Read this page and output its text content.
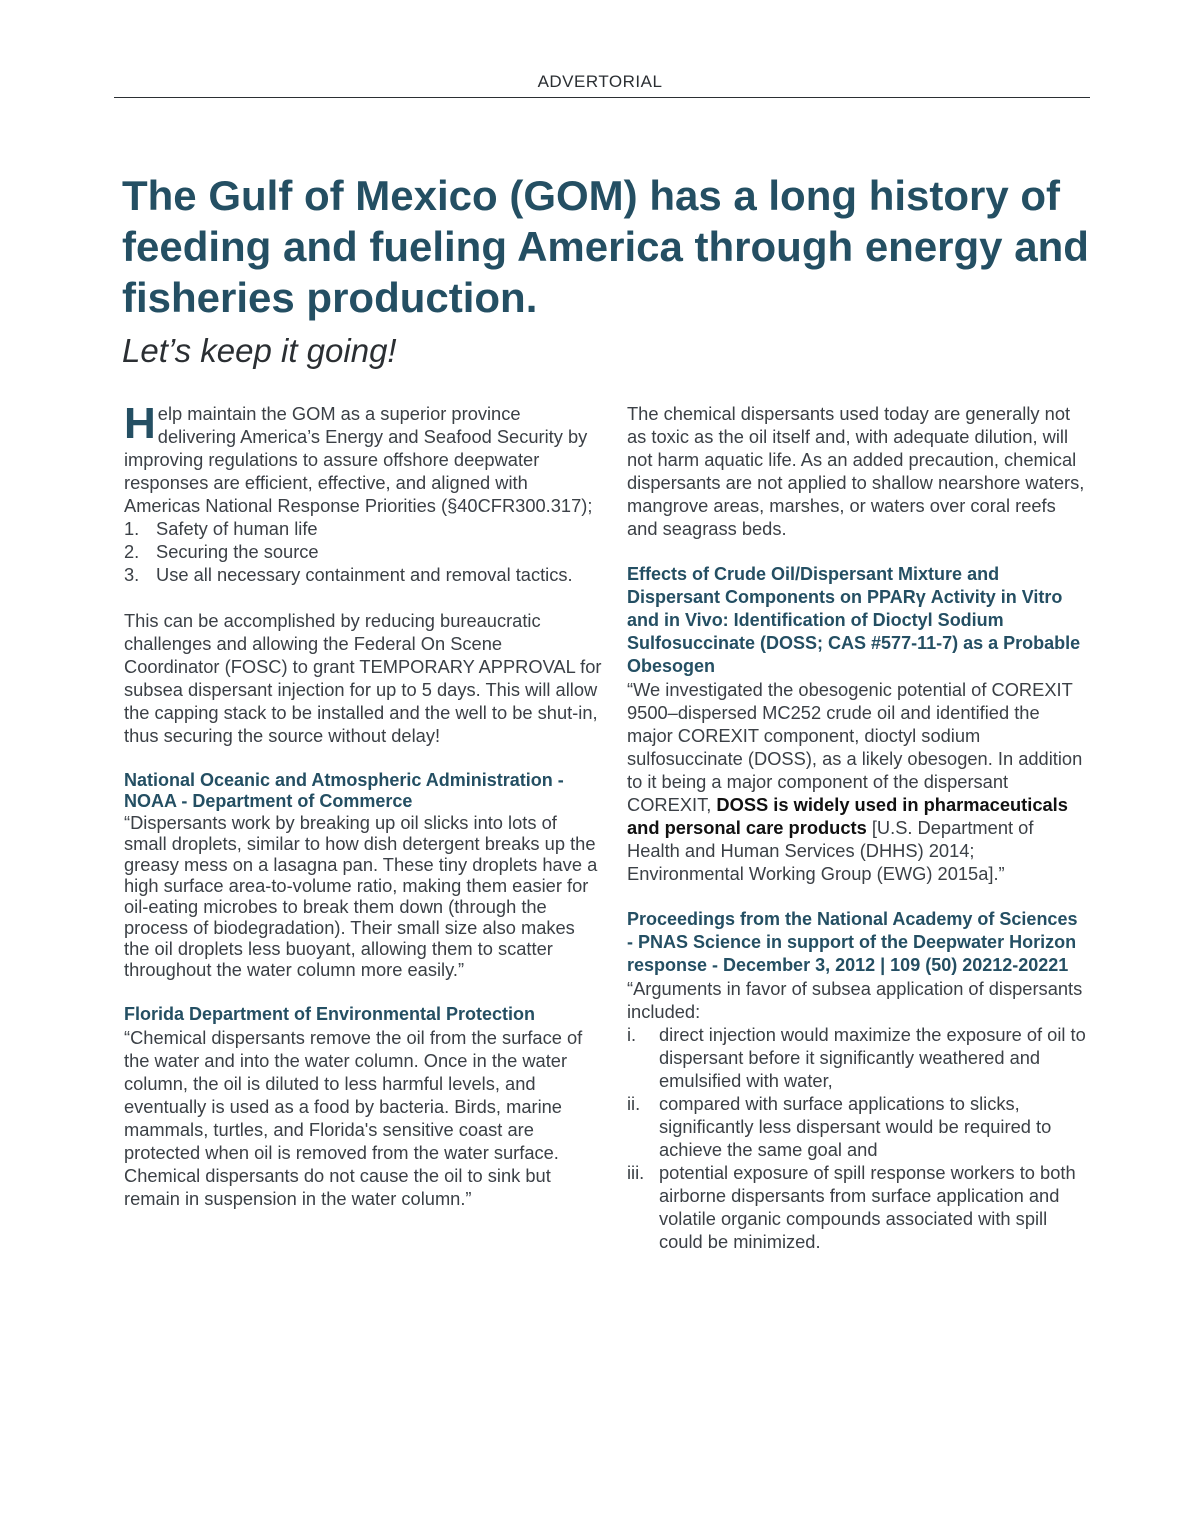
ADVERTORIAL
The Gulf of Mexico (GOM) has a long history of feeding and fueling America through energy and fisheries production.
Let’s keep it going!

Help maintain the GOM as a superior province delivering America’s Energy and Seafood Security by improving regulations to assure offshore deepwater responses are efficient, effective, and aligned with Americas National Response Priorities (§40CFR300.317);

1. Safety of human life
2. Securing the source
3. Use all necessary containment and removal tactics.

This can be accomplished by reducing bureaucratic challenges and allowing the Federal On Scene Coordinator (FOSC) to grant TEMPORARY APPROVAL for subsea dispersant injection for up to 5 days. This will allow the capping stack to be installed and the well to be shut-in, thus securing the source without delay!

National Oceanic and Atmospheric Administration - NOAA - Department of Commerce

“Dispersants work by breaking up oil slicks into lots of small droplets, similar to how dish detergent breaks up the greasy mess on a lasagna pan. These tiny droplets have a high surface area-to-volume ratio, making them easier for oil-eating microbes to break them down (through the process of biodegradation). Their small size also makes the oil droplets less buoyant, allowing them to scatter throughout the water column more easily.”

Florida Department of Environmental Protection

“Chemical dispersants remove the oil from the surface of the water and into the water column. Once in the water column, the oil is diluted to less harmful levels, and eventually is used as a food by bacteria. Birds, marine mammals, turtles, and Florida's sensitive coast are protected when oil is removed from the water surface. Chemical dispersants do not cause the oil to sink but remain in suspension in the water column.”

The chemical dispersants used today are generally not as toxic as the oil itself and, with adequate dilution, will not harm aquatic life. As an added precaution, chemical dispersants are not applied to shallow nearshore waters, mangrove areas, marshes, or waters over coral reefs and seagrass beds.

Effects of Crude Oil/Dispersant Mixture and Dispersant Components on PPARγ Activity in Vitro and in Vivo: Identification of Dioctyl Sodium Sulfosuccinate (DOSS; CAS #577-11-7) as a Probable Obesogen

“We investigated the obesogenic potential of COREXIT 9500–dispersed MC252 crude oil and identified the major COREXIT component, dioctyl sodium sulfosuccinate (DOSS), as a likely obesogen. In addition to it being a major component of the dispersant COREXIT, DOSS is widely used in pharmaceuticals and personal care products [U.S. Department of Health and Human Services (DHHS) 2014; Environmental Working Group (EWG) 2015a].”

Proceedings from the National Academy of Sciences - PNAS Science in support of the Deepwater Horizon response - December 3, 2012 | 109 (50) 20212-20221

“Arguments in favor of subsea application of dispersants included:

i. direct injection would maximize the exposure of oil to dispersant before it significantly weathered and emulsified with water,
ii. compared with surface applications to slicks, significantly less dispersant would be required to achieve the same goal and
iii. potential exposure of spill response workers to both airborne dispersants from surface application and volatile organic compounds associated with spill could be minimized.
